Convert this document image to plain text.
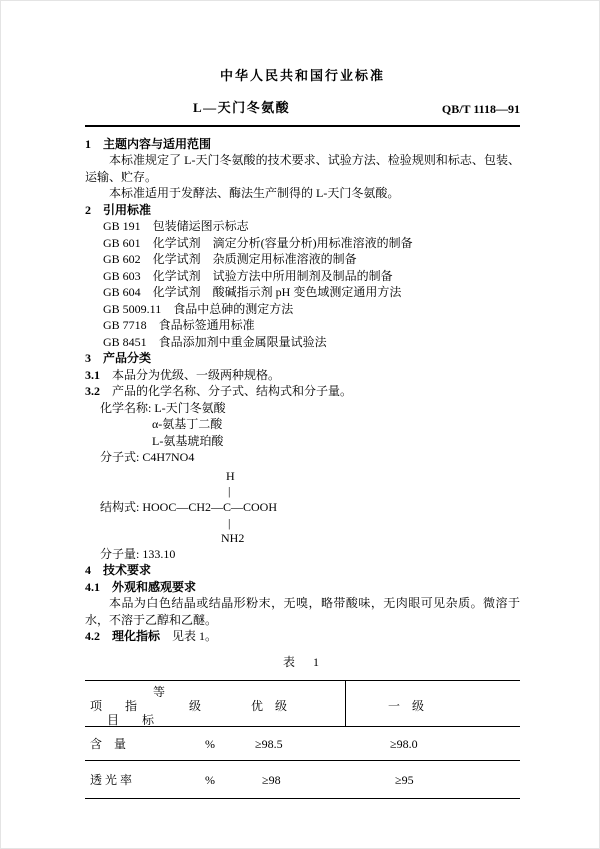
中华人民共和国行业标准
L—天门冬氨酸	QB/T 1118—91
1　主题内容与适用范围
本标准规定了 L-天门冬氨酸的技术要求、试验方法、检验规则和标志、包装、运输、贮存。
本标准适用于发酵法、酶法生产制得的 L-天门冬氨酸。
2　引用标准
GB 191　包装储运图示标志
GB 601　化学试剂　滴定分析(容量分析)用标准溶液的制备
GB 602　化学试剂　杂质测定用标准溶液的制备
GB 603　化学试剂　试验方法中所用制剂及制品的制备
GB 604　化学试剂　酸碱指示剂 pH 变色域测定通用方法
GB 5009.11　食品中总砷的测定方法
GB 7718　食品标签通用标准
GB 8451　食品添加剂中重金属限量试验法
3　产品分类
3.1　本品分为优级、一级两种规格。
3.2　产品的化学名称、分子式、结构式和分子量。
化学名称: L-天门冬氨酸
α-氨基丁二酸
L-氨基琥珀酸
分子式: C4H7NO4
H
|
结构式: HOOC—CH2—C—COOH
|
NH2
分子量: 133.10
4　技术要求
4.1　外观和感观要求
本品为白色结晶或结晶形粉末，无嗅，略带酸味，无肉眼可见杂质。微溶于水，不溶于乙醇和乙醚。
4.2　理化指标　见表 1。
表　1
等
项 指	级
目 标
优　级	一　级
含　量	%	≥98.5	≥98.0
透 光 率	%	≥98	≥95
